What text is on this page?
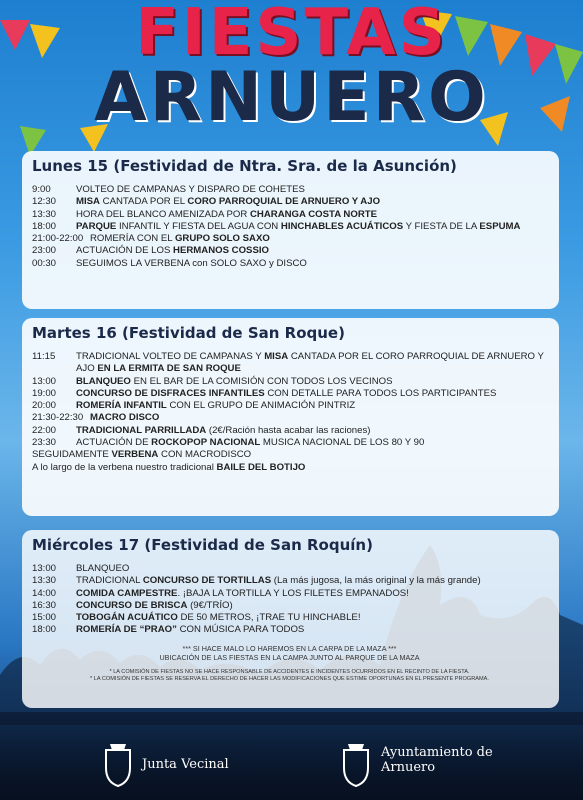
FIESTAS
ARNUERO
Lunes 15 (Festividad de Ntra. Sra. de la Asunción)
9:00	VOLTEO DE CAMPANAS Y DISPARO DE COHETES
12:30	MISA CANTADA POR EL CORO PARROQUIAL DE ARNUERO Y AJO
13:30	HORA DEL BLANCO AMENIZADA POR CHARANGA COSTA NORTE
18:00	PARQUE INFANTIL Y FIESTA DEL AGUA CON HINCHABLES ACUÁTICOS Y FIESTA DE LA ESPUMA
21:00-22:00 ROMERÍA CON EL GRUPO SOLO SAXO
23:00	ACTUACIÓN DE LOS HERMANOS COSSIO
00:30	SEGUIMOS LA VERBENA con SOLO SAXO y DISCO
Martes 16 (Festividad de San Roque)
11:15	TRADICIONAL VOLTEO DE CAMPANAS Y MISA CANTADA POR EL CORO PARROQUIAL DE ARNUERO Y AJO EN LA ERMITA DE SAN ROQUE
13:00	BLANQUEO EN EL BAR DE LA COMISIÓN CON TODOS LOS VECINOS
19:00	CONCURSO DE DISFRACES INFANTILES CON DETALLE PARA TODOS LOS PARTICIPANTES
20:00	ROMERÍA INFANTIL CON EL GRUPO DE ANIMACIÓN PINTRIZ
21:30-22:30 MACRO DISCO
22:00	TRADICIONAL PARRILLADA (2€/Ración hasta acabar las raciones)
23:30	ACTUACIÓN DE ROCKOPOP NACIONAL MUSICA NACIONAL DE LOS 80 Y 90
SEGUIDAMENTE VERBENA CON MACRODISCO
A lo largo de la verbena nuestro tradicional BAILE DEL BOTIJO
Miércoles 17 (Festividad de San Roquín)
13:00	BLANQUEO
13:30	TRADICIONAL CONCURSO DE TORTILLAS (La más jugosa, la más original y la más grande)
14:00	COMIDA CAMPESTRE. ¡BAJA LA TORTILLA Y LOS FILETES EMPANADOS!
16:30	CONCURSO DE BRISCA (9€/TRÍO)
15:00	TOBOGÁN ACUÁTICO DE 50 METROS, ¡TRAE TU HINCHABLE!
18:00	ROMERÍA DE “PRAO” CON MÚSICA PARA TODOS
*** SI HACE MALO LO HAREMOS EN LA CARPA DE LA MAZA ***
UBICACIÓN DE LAS FIESTAS EN LA CAMPA JUNTO AL PARQUE DE LA MAZA
* LA COMISIÓN DE FIESTAS NO SE HACE RESPONSABLE DE ACCIDENTES E INCIDENTES OCURRIDOS EN EL RECINTO DE LA FIESTA.
* LA COMISIÓN DE FIESTAS SE RESERVA EL DERECHO DE HACER LAS MODIFICACIONES QUE ESTIME OPORTUNAS EN EL PRESENTE PROGRAMA.
Junta Vecinal
Ayuntamiento de
Arnuero
